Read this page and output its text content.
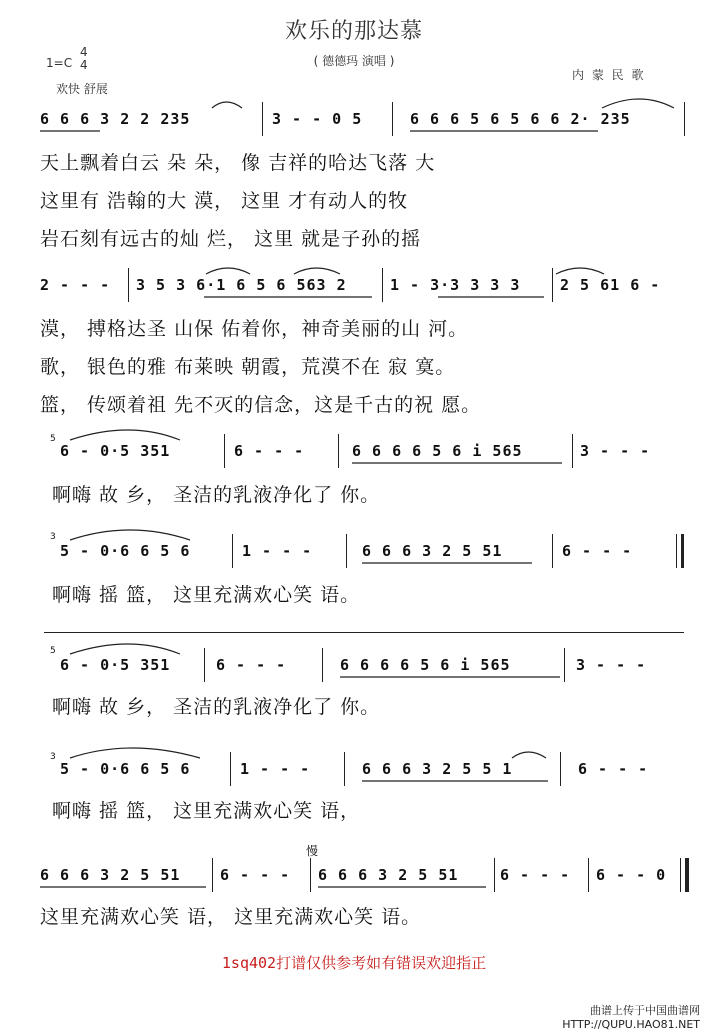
欢乐的那达慕
( 德德玛 演唱 )
内 蒙 民 歌
1=C
4
4
欢快 舒展
6 6 6 3 2 2 235	3 - - 0 5	6 6 6 5 6 5 6 6 2· 235
天上飘着白云 朵 朵， 像 吉祥的哈达飞落 大
这里有 浩翰的大 漠， 这里 才有动人的牧
岩石刻有远古的灿 烂， 这里 就是子孙的摇
2 - - - 3 5 3 6·1 6 5 6 563 2	1 - 3·3 3 3 3	2 5 61 6 -
漠， 搏格达圣 山保 佑着你，神奇美丽的山 河。
歌， 银色的雅 布莱映 朝霞，荒漠不在 寂 寞。
篮， 传颂着祖 先不灭的信念，这是千古的祝 愿。
5
6 - 0·5 351	6 - - -	6 6 6 6 5 6 i 565	3 - - -
啊嗨 故 乡， 圣洁的乳液净化了 你。
3
5 - 0·6 6 5 6	1 - - -	6 6 6 3 2 5 51	6 - - -
啊嗨 摇 篮， 这里充满欢心笑 语。
5
6 - 0·5 351	6 - - -	6 6 6 6 5 6 i 565	3 - - -
啊嗨 故 乡， 圣洁的乳液净化了 你。
3
5 - 0·6 6 5 6	1 - - -	6 6 6 3 2 5 5 1	6 - - -
啊嗨 摇 篮， 这里充满欢心笑 语，
慢
6 6 6 3 2 5 51	6 - - - 6 6 6 3 2 5 51	6 - - - 6 - - 0
这里充满欢心笑 语， 这里充满欢心笑 语。
1sq402打谱仅供参考如有错误欢迎指正
曲谱上传于中国曲谱网
HTTP://QUPU.HAO81.NET
